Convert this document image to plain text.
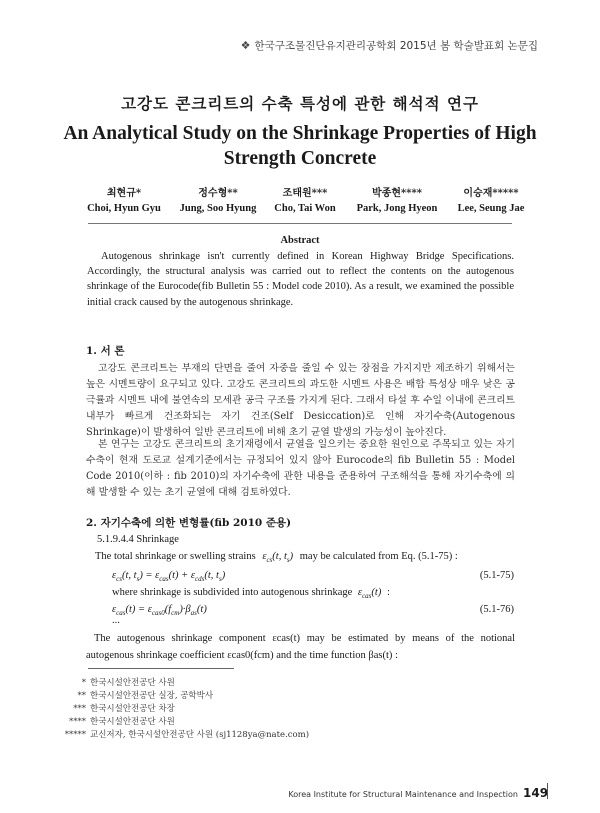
❖ 한국구조물진단유지관리공학회 2015년 봄 학술발표회 논문집
고강도 콘크리트의 수축 특성에 관한 해석적 연구
An Analytical Study on the Shrinkage Properties of High Strength Concrete
최현규*
Choi, Hyun Gyu
정수형**
Jung, Soo Hyung
조태원***
Cho, Tai Won
박종현****
Park, Jong Hyeon
이승재*****
Lee, Seung Jae
Abstract
Autogenous shrinkage isn't currently defined in Korean Highway Bridge Specifications. Accordingly, the structural analysis was carried out to reflect the contents on the autogenous shrinkage of the Eurocode(fib Bulletin 55 : Model code 2010). As a result, we examined the possible initial crack caused by the autogenous shrinkage.
1. 서 론
고강도 콘크리트는 부재의 단면을 줄여 자중을 줄일 수 있는 장점을 가지지만 제조하기 위해서는 높은 시멘트량이 요구되고 있다. 고강도 콘크리트의 과도한 시멘트 사용은 배합 특성상 매우 낮은 공극률과 시멘트 내에 불연속의 모세관 공극 구조를 가지게 된다. 그래서 타설 후 수일 이내에 콘크리트 내부가 빠르게 건조화되는 자기 건조(Self Desiccation)로 인해 자기수축(Autogenous Shrinkage)이 발생하여 일반 콘크리트에 비해 초기 균열 발생의 가능성이 높아진다.
본 연구는 고강도 콘크리트의 초기재령에서 균열을 일으키는 중요한 원인으로 주목되고 있는 자기수축이 현재 도로교 설계기준에서는 규정되어 있지 않아 Eurocode의 fib Bulletin 55 : Model Code 2010(이하 : fib 2010)의 자기수축에 관한 내용을 준용하여 구조해석을 통해 자기수축에 의해 발생할 수 있는 초기 균열에 대해 검토하였다.
2. 자기수축에 의한 변형률(fib 2010 준용)
5.1.9.4.4 Shrinkage
The total shrinkage or swelling strains $\varepsilon_{cs}(t$, $t_s$) may be calculated from Eq. (5.1-75) :
$\varepsilon_{cs}(t$, $t_s) = \varepsilon_{cas}(t) + \varepsilon_{cds}(t$, $t_s$)	(5.1-75)
where shrinkage is subdivided into autogenous shrinkage $\varepsilon_{cas}(t)$ :
$\varepsilon_{cas}(t) = \varepsilon_{cas0}(f_{cm})\cdot\beta_{as}(t)$	(5.1-76)
...
The autogenous shrinkage component εcas(t) may be estimated by means of the notional autogenous shrinkage coefficient εcas0(fcm) and the time function βas(t) :
* 한국시설안전공단 사원
** 한국시설안전공단 실장, 공학박사
*** 한국시설안전공단 차장
**** 한국시설안전공단 사원
***** 교신저자, 한국시설안전공단 사원 (sj1128ya@nate.com)
Korea Institute for Structural Maintenance and Inspection 149
